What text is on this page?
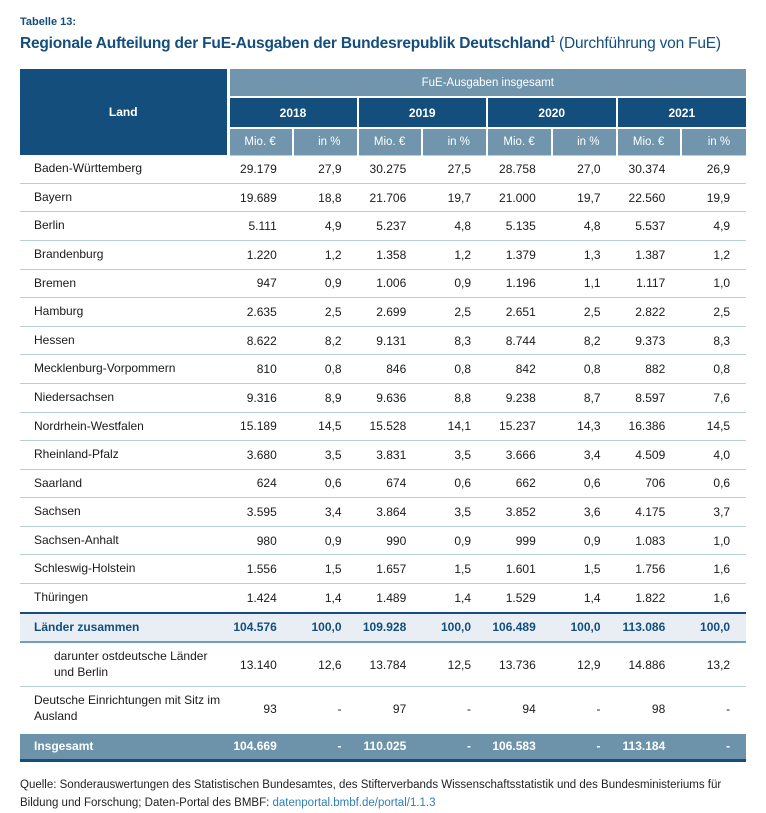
Tabelle 13:
Regionale Aufteilung der FuE-Ausgaben der Bundesrepublik Deutschland$^1$ (Durchführung von FuE)
Land	FuE-Ausgaben insgesamt							
	2018		2019		2020		2021	
	Mio. €	in %	Mio. €	in %	Mio. €	in %	Mio. €	in %
Baden-Württemberg	29.179	27,9	30.275	27,5	28.758	27,0	30.374	26,9
Bayern	19.689	18,8	21.706	19,7	21.000	19,7	22.560	19,9
Berlin	5.111	4,9	5.237	4,8	5.135	4,8	5.537	4,9
Brandenburg	1.220	1,2	1.358	1,2	1.379	1,3	1.387	1,2
Bremen	947	0,9	1.006	0,9	1.196	1,1	1.117	1,0
Hamburg	2.635	2,5	2.699	2,5	2.651	2,5	2.822	2,5
Hessen	8.622	8,2	9.131	8,3	8.744	8,2	9.373	8,3
Mecklenburg-Vorpommern	810	0,8	846	0,8	842	0,8	882	0,8
Niedersachsen	9.316	8,9	9.636	8,8	9.238	8,7	8.597	7,6
Nordrhein-Westfalen	15.189	14,5	15.528	14,1	15.237	14,3	16.386	14,5
Rheinland-Pfalz	3.680	3,5	3.831	3,5	3.666	3,4	4.509	4,0
Saarland	624	0,6	674	0,6	662	0,6	706	0,6
Sachsen	3.595	3,4	3.864	3,5	3.852	3,6	4.175	3,7
Sachsen-Anhalt	980	0,9	990	0,9	999	0,9	1.083	1,0
Schleswig-Holstein	1.556	1,5	1.657	1,5	1.601	1,5	1.756	1,6
Thüringen	1.424	1,4	1.489	1,4	1.529	1,4	1.822	1,6
Länder zusammen	104.576	100,0	109.928	100,0	106.489	100,0	113.086	100,0
darunter ostdeutsche Länder und Berlin	13.140	12,6	13.784	12,5	13.736	12,9	14.886	13,2
Deutsche Einrichtungen mit Sitz im Ausland	93	-	97	-	94	-	98	-
Insgesamt	104.669	-	110.025	-	106.583	-	113.184	-

Quelle: Sonderauswertungen des Statistischen Bundesamtes, des Stifterverbands Wissenschaftsstatistik und des Bundesministeriums für Bildung und Forschung; Daten-Portal des BMBF: datenportal.bmbf.de/portal/1.1.3
